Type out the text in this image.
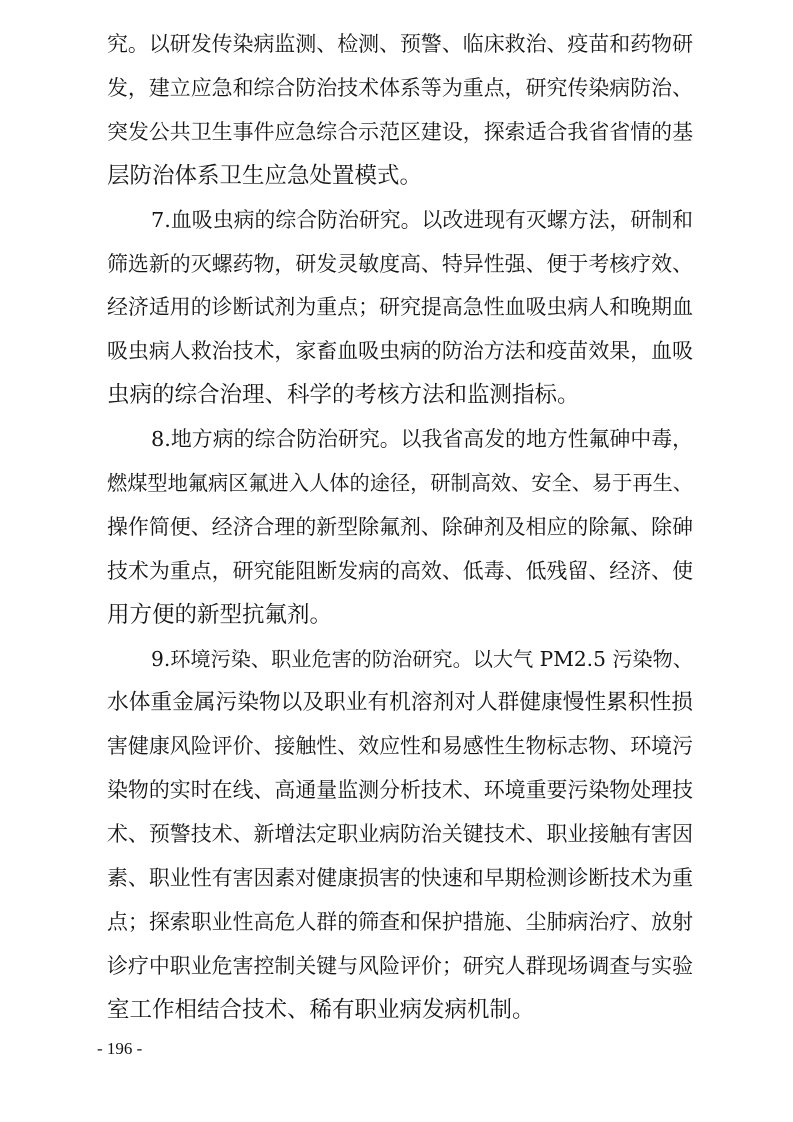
究。以研发传染病监测、检测、预警、临床救治、疫苗和药物研
发，建立应急和综合防治技术体系等为重点，研究传染病防治、
突发公共卫生事件应急综合示范区建设，探索适合我省省情的基
层防治体系卫生应急处置模式。
7.血吸虫病的综合防治研究。以改进现有灭螺方法，研制和
筛选新的灭螺药物，研发灵敏度高、特异性强、便于考核疗效、
经济适用的诊断试剂为重点；研究提高急性血吸虫病人和晚期血
吸虫病人救治技术，家畜血吸虫病的防治方法和疫苗效果，血吸
虫病的综合治理、科学的考核方法和监测指标。
8.地方病的综合防治研究。以我省高发的地方性氟砷中毒，
燃煤型地氟病区氟进入人体的途径，研制高效、安全、易于再生、
操作简便、经济合理的新型除氟剂、除砷剂及相应的除氟、除砷
技术为重点，研究能阻断发病的高效、低毒、低残留、经济、使
用方便的新型抗氟剂。
9.环境污染、职业危害的防治研究。以大气 PM2.5 污染物、
水体重金属污染物以及职业有机溶剂对人群健康慢性累积性损
害健康风险评价、接触性、效应性和易感性生物标志物、环境污
染物的实时在线、高通量监测分析技术、环境重要污染物处理技
术、预警技术、新增法定职业病防治关键技术、职业接触有害因
素、职业性有害因素对健康损害的快速和早期检测诊断技术为重
点；探索职业性高危人群的筛查和保护措施、尘肺病治疗、放射
诊疗中职业危害控制关键与风险评价；研究人群现场调查与实验
室工作相结合技术、稀有职业病发病机制。
- 196 -
